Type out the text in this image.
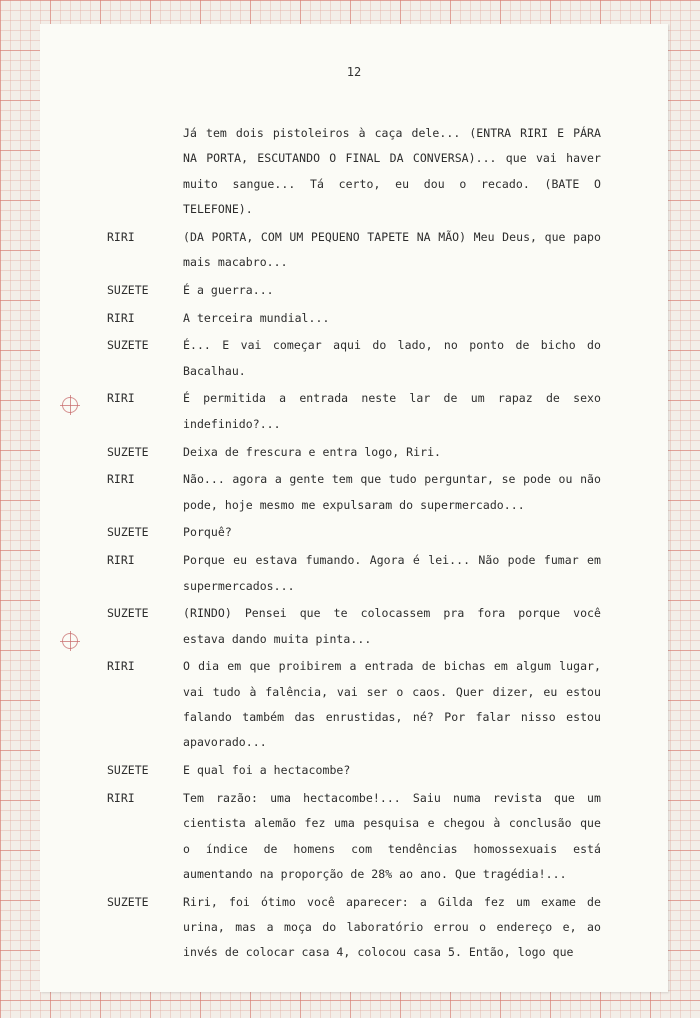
12
Já tem dois pistoleiros à caça dele... (ENTRA RIRI E PÁRA NA PORTA, ESCUTANDO O FINAL DA CONVERSA)... que vai haver muito sangue... Tá certo, eu dou o recado. (BATE O TELEFONE).
RIRI	(DA PORTA, COM UM PEQUENO TAPETE NA MÃO) Meu Deus, que papo mais macabro...
SUZETE	É a guerra...
RIRI	A terceira mundial...
SUZETE	É... E vai começar aqui do lado, no ponto de bicho do Bacalhau.
RIRI	É permitida a entrada neste lar de um rapaz de sexo indefinido?...
SUZETE	Deixa de frescura e entra logo, Riri.
RIRI	Não... agora a gente tem que tudo perguntar, se pode ou não pode, hoje mesmo me expulsaram do supermercado...
SUZETE	Porquê?
RIRI	Porque eu estava fumando. Agora é lei... Não pode fumar em supermercados...
SUZETE	(RINDO) Pensei que te colocassem pra fora porque você estava dando muita pinta...
RIRI	O dia em que proibirem a entrada de bichas em algum lugar, vai tudo à falência, vai ser o caos. Quer dizer, eu estou falando também das enrustidas, né? Por falar nisso estou apavorado...
SUZETE	E qual foi a hectacombe?
RIRI	Tem razão: uma hectacombe!... Saiu numa revista que um cientista alemão fez uma pesquisa e chegou à conclusão que o índice de homens com tendências homossexuais está aumentando na proporção de 28% ao ano. Que tragédia!...
SUZETE	Riri, foi ótimo você aparecer: a Gilda fez um exame de urina, mas a moça do laboratório errou o endereço e, ao invés de colocar casa 4, colocou casa 5. Então, logo que
